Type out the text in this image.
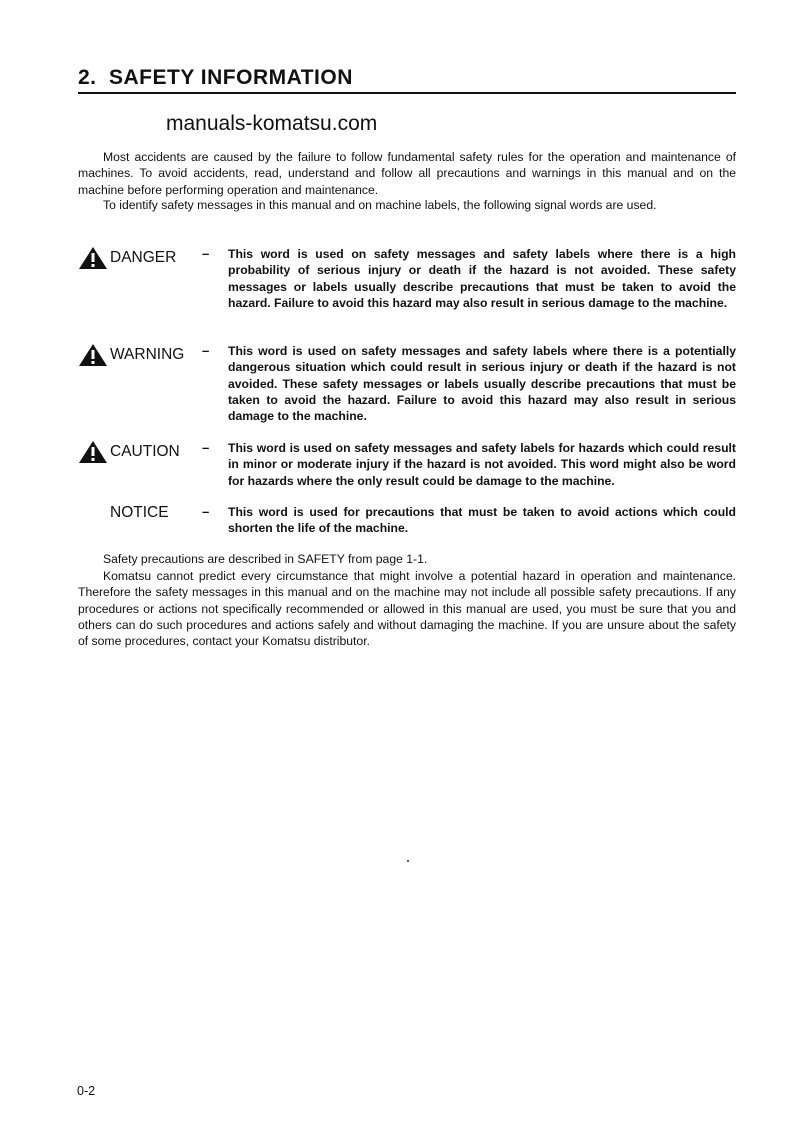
2. SAFETY INFORMATION
manuals-komatsu.com

Most accidents are caused by the failure to follow fundamental safety rules for the operation and maintenance of machines. To avoid accidents, read, understand and follow all precautions and warnings in this manual and on the machine before performing operation and maintenance.

To identify safety messages in this manual and on machine labels, the following signal words are used.

DANGER – This word is used on safety messages and safety labels where there is a high probability of serious injury or death if the hazard is not avoided. These safety messages or labels usually describe precautions that must be taken to avoid the hazard. Failure to avoid this hazard may also result in serious damage to the machine.
WARNING – This word is used on safety messages and safety labels where there is a potentially dangerous situation which could result in serious injury or death if the hazard is not avoided. These safety messages or labels usually describe precautions that must be taken to avoid the hazard. Failure to avoid this hazard may also result in serious damage to the machine.
CAUTION – This word is used on safety messages and safety labels for hazards which could result in minor or moderate injury if the hazard is not avoided. This word might also be word for hazards where the only result could be damage to the machine.
NOTICE	– This word is used for precautions that must be taken to avoid actions which could shorten the life of the machine.

Safety precautions are described in SAFETY from page 1-1.

Komatsu cannot predict every circumstance that might involve a potential hazard in operation and maintenance. Therefore the safety messages in this manual and on the machine may not include all possible safety precautions. If any procedures or actions not specifically recommended or allowed in this manual are used, you must be sure that you and others can do such procedures and actions safely and without damaging the machine. If you are unsure about the safety of some procedures, contact your Komatsu distributor.

0-2
